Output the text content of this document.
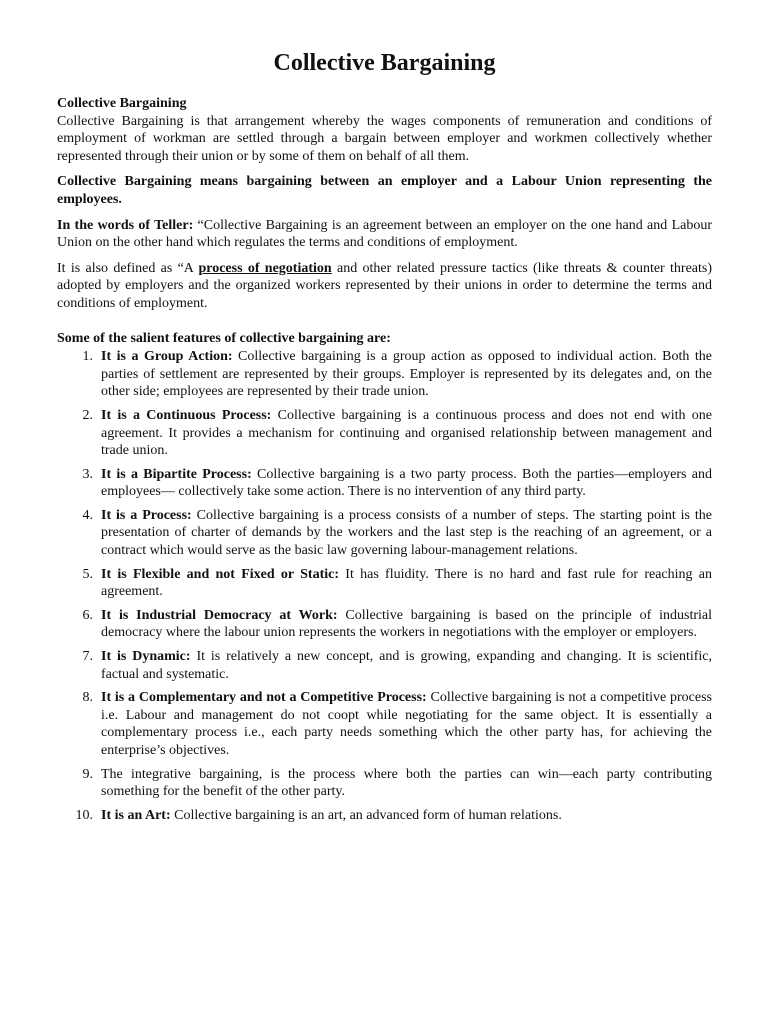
Collective Bargaining
Collective Bargaining
Collective Bargaining is that arrangement whereby the wages components of remuneration and conditions of employment of workman are settled through a bargain between employer and workmen collectively whether represented through their union or by some of them on behalf of all them.

Collective Bargaining means bargaining between an employer and a Labour Union representing the employees.

In the words of Teller: “Collective Bargaining is an agreement between an employer on the one hand and Labour Union on the other hand which regulates the terms and conditions of employment.

It is also defined as “A process of negotiation and other related pressure tactics (like threats & counter threats) adopted by employers and the organized workers represented by their unions in order to determine the terms and conditions of employment.

Some of the salient features of collective bargaining are:

1. It is a Group Action: Collective bargaining is a group action as opposed to individual action. Both the parties of settlement are represented by their groups. Employer is represented by its delegates and, on the other side; employees are represented by their trade union.
2. It is a Continuous Process: Collective bargaining is a continuous process and does not end with one agreement. It provides a mechanism for continuing and organised relationship between management and trade union.
3. It is a Bipartite Process: Collective bargaining is a two party process. Both the parties—employers and employees— collectively take some action. There is no intervention of any third party.
4. It is a Process: Collective bargaining is a process consists of a number of steps. The starting point is the presentation of charter of demands by the workers and the last step is the reaching of an agreement, or a contract which would serve as the basic law governing labour-management relations.
5. It is Flexible and not Fixed or Static: It has fluidity. There is no hard and fast rule for reaching an agreement.
6. It is Industrial Democracy at Work: Collective bargaining is based on the principle of industrial democracy where the labour union represents the workers in negotiations with the employer or employers.
7. It is Dynamic: It is relatively a new concept, and is growing, expanding and changing. It is scientific, factual and systematic.
8. It is a Complementary and not a Competitive Process: Collective bargaining is not a competitive process i.e. Labour and management do not coopt while negotiating for the same object. It is essentially a complementary process i.e., each party needs something which the other party has, for achieving the enterprise’s objectives.
9. The integrative bargaining, is the process where both the parties can win—each party contributing something for the benefit of the other party.
10. It is an Art: Collective bargaining is an art, an advanced form of human relations.
